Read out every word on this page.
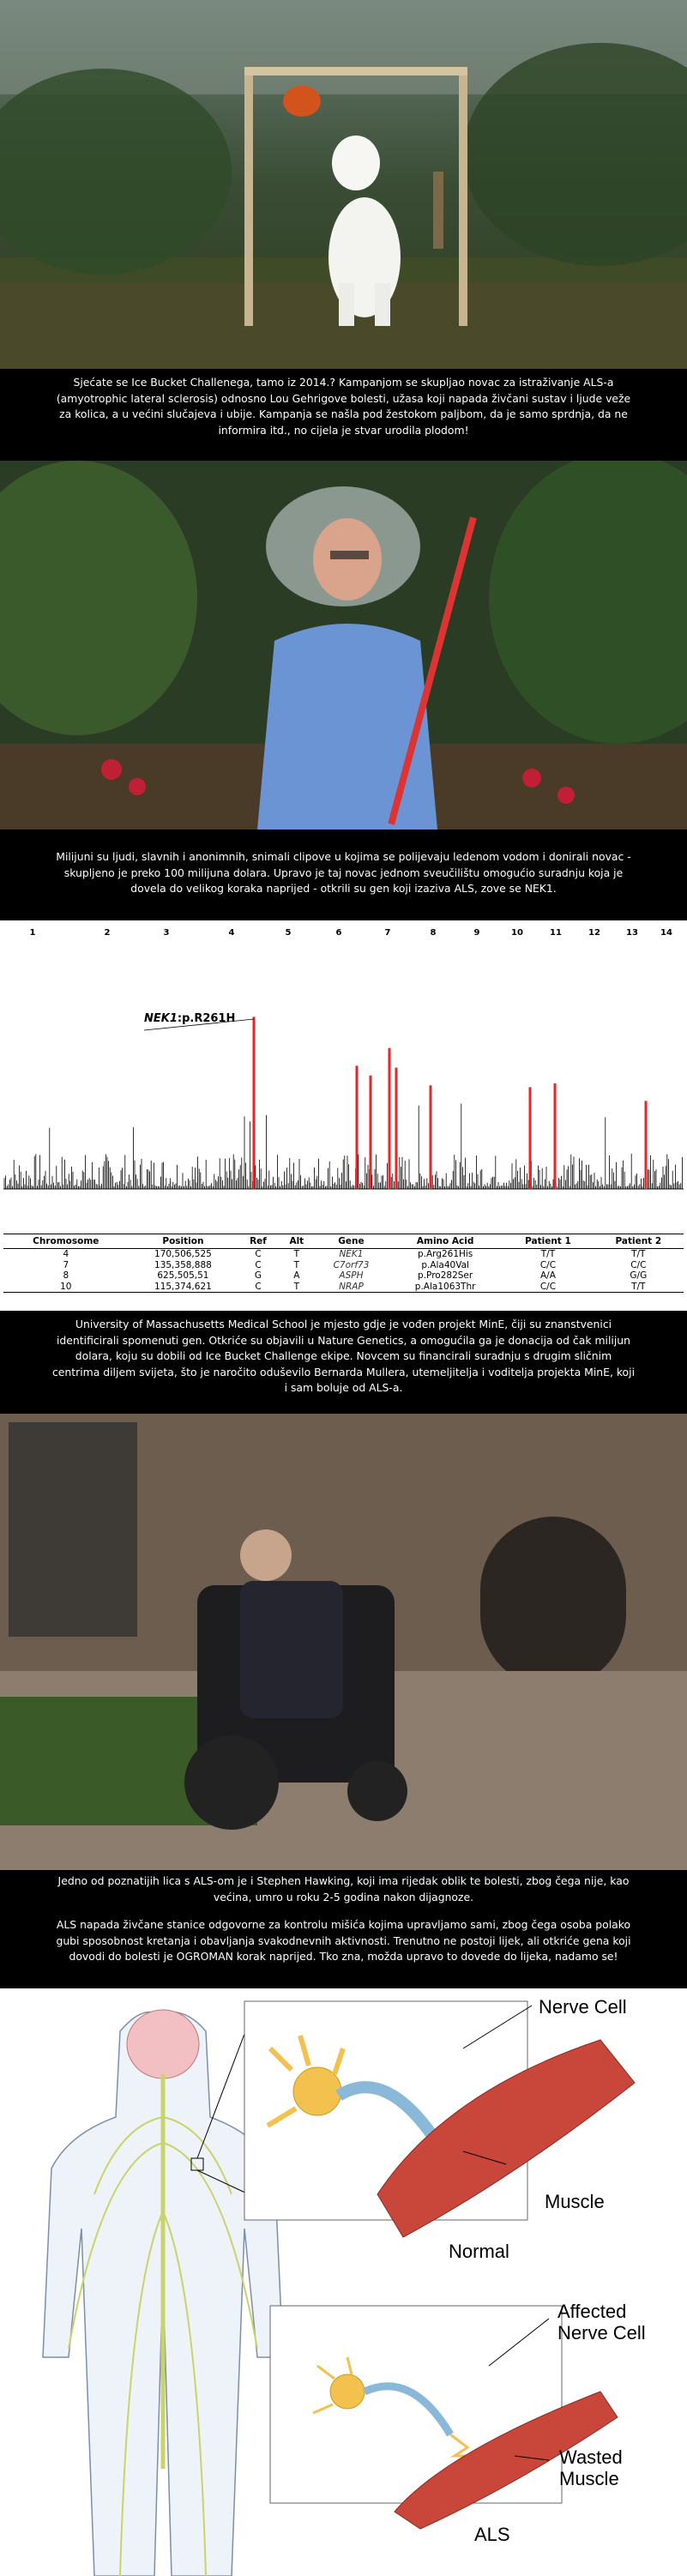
Sjećate se Ice Bucket Challenega, tamo iz 2014.? Kampanjom se skupljao novac za istraživanje ALS-a (amyotrophic lateral sclerosis) odnosno Lou Gehrigove bolesti, užasa koji napada živčani sustav i ljude veže za kolica, a u većini slučajeva i ubije. Kampanja se našla pod žestokom paljbom, da je samo sprdnja, da ne informira itd., no cijela je stvar urodila plodom!

Milijuni su ljudi, slavnih i anonimnih, snimali clipove u kojima se polijevaju ledenom vodom i donirali novac - skupljeno je preko 100 milijuna dolara. Upravo je taj novac jednom sveučilištu omogućio suradnju koja je dovela do velikog koraka naprijed - otkrili su gen koji izaziva ALS, zove se NEK1.

1	2	3	4	5	6	7	8	9	10	11	12	13	14
NEK1:p.R261H
Chromosome	Position	Ref	Alt	Gene	Amino Acid	Patient 1	Patient 2
4	170,506,525	C	T	NEK1	p.Arg261His	T/T	T/T
7	135,358,888	C	T	C7orf73	p.Ala40Val	C/C	C/C
8	625,505,51	G	A	ASPH	p.Pro282Ser	A/A	G/G
10	115,374,621	C	T	NRAP	p.Ala1063Thr	C/C	T/T

University of Massachusetts Medical School je mjesto gdje je vođen projekt MinE, čiji su znanstvenici identificirali spomenuti gen. Otkriće su objavili u Nature Genetics, a omogućila ga je donacija od čak milijun dolara, koju su dobili od Ice Bucket Challenge ekipe. Novcem su financirali suradnju s drugim sličnim centrima diljem svijeta, što je naročito oduševilo Bernarda Mullera, utemeljitelja i voditelja projekta MinE, koji i sam boluje od ALS-a.

Jedno od poznatijih lica s ALS-om je i Stephen Hawking, koji ima rijedak oblik te bolesti, zbog čega nije, kao većina, umro u roku 2-5 godina nakon dijagnoze.

ALS napada živčane stanice odgovorne za kontrolu mišića kojima upravljamo sami, zbog čega osoba polako gubi sposobnost kretanja i obavljanja svakodnevnih aktivnosti. Trenutno ne postoji lijek, ali otkriće gena koji dovodi do bolesti je OGROMAN korak naprijed. Tko zna, možda upravo to dovede do lijeka, nadamo se!

Nerve Cell
Muscle
Normal
Affected
Nerve Cell
Wasted
Muscle
ALS
